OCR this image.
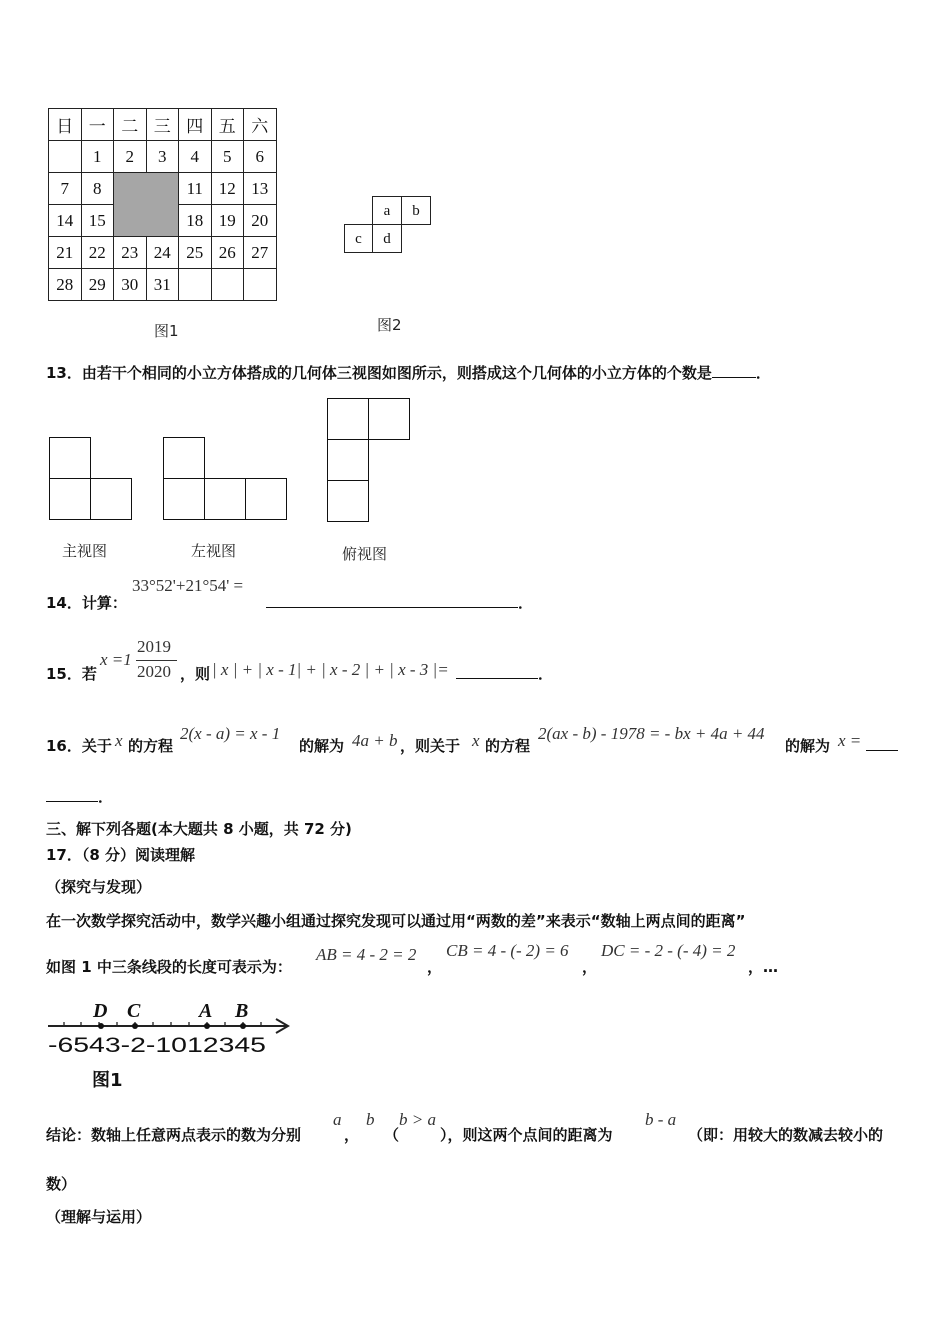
日	一	二	三	四	五	六
	1	2	3	4	5	6
7	8			11	12	13
14	15			18	19	20
21	22	23	24	25	26	27
28	29	30	31			
图1
a	b
c	d
图2
13．由若干个相同的小立方体搭成的几何体三视图如图所示，则搭成这个几何体的小立方体的个数是	．
主视图	左视图	俯视图
14．计算：
33°52'+21°54' =
．
15．若
x =1
2019
2020 ，则 | x | + | x - 1| + | x - 2 | + | x - 3 |=	．
16．关于 x 的方程
2(x - a) = x - 1
的解为 4a + b ，则关于 x 的方程
2(ax - b) - 1978 = - bx + 4a + 44
的解为 x =
．
三、解下列各题(本大题共 8 小题，共 72 分)
17．（8 分）阅读理解
（探究与发现）
在一次数学探究活动中，数学兴趣小组通过探究发现可以通过用“两数的差”来表示“数轴上两点间的距离”
如图 1 中三条线段的长度可表示为：
AB = 4 - 2 = 2
，
CB = 4 - (- 2) = 6
，
DC = - 2 - (- 4) = 2
，…
D C	A B
-6543-2-1012345
图1
结论：数轴上任意两点表示的数为分别
a
，
b
（
b > a
），则这两个点间的距离为
b - a
（即：用较大的数减去较小的
数）
（理解与运用）
